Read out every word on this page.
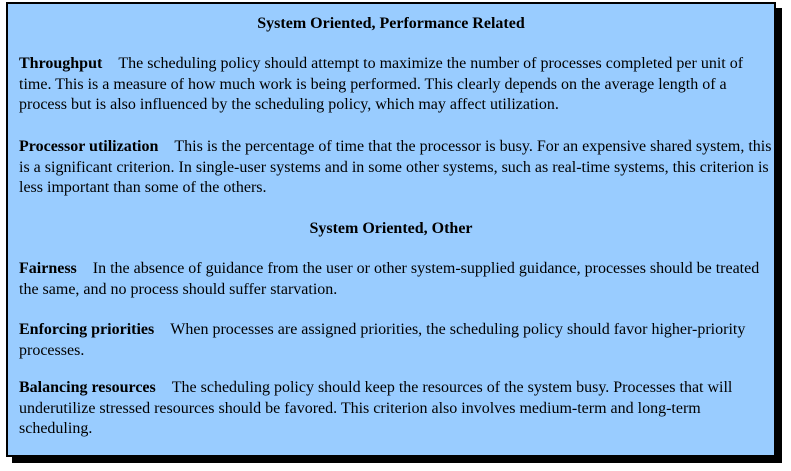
System Oriented, Performance Related

Throughput The scheduling policy should attempt to maximize the number of processes completed per unit of time. This is a measure of how much work is being performed. This clearly depends on the average length of a process but is also influenced by the scheduling policy, which may affect utilization.

Processor utilization This is the percentage of time that the processor is busy. For an expensive shared system, this is a significant criterion. In single-user systems and in some other systems, such as real-time systems, this criterion is less important than some of the others.

System Oriented, Other

Fairness In the absence of guidance from the user or other system-supplied guidance, processes should be treated the same, and no process should suffer starvation.

Enforcing priorities When processes are assigned priorities, the scheduling policy should favor higher-priority processes.

Balancing resources The scheduling policy should keep the resources of the system busy. Processes that will underutilize stressed resources should be favored. This criterion also involves medium-term and long-term scheduling.
